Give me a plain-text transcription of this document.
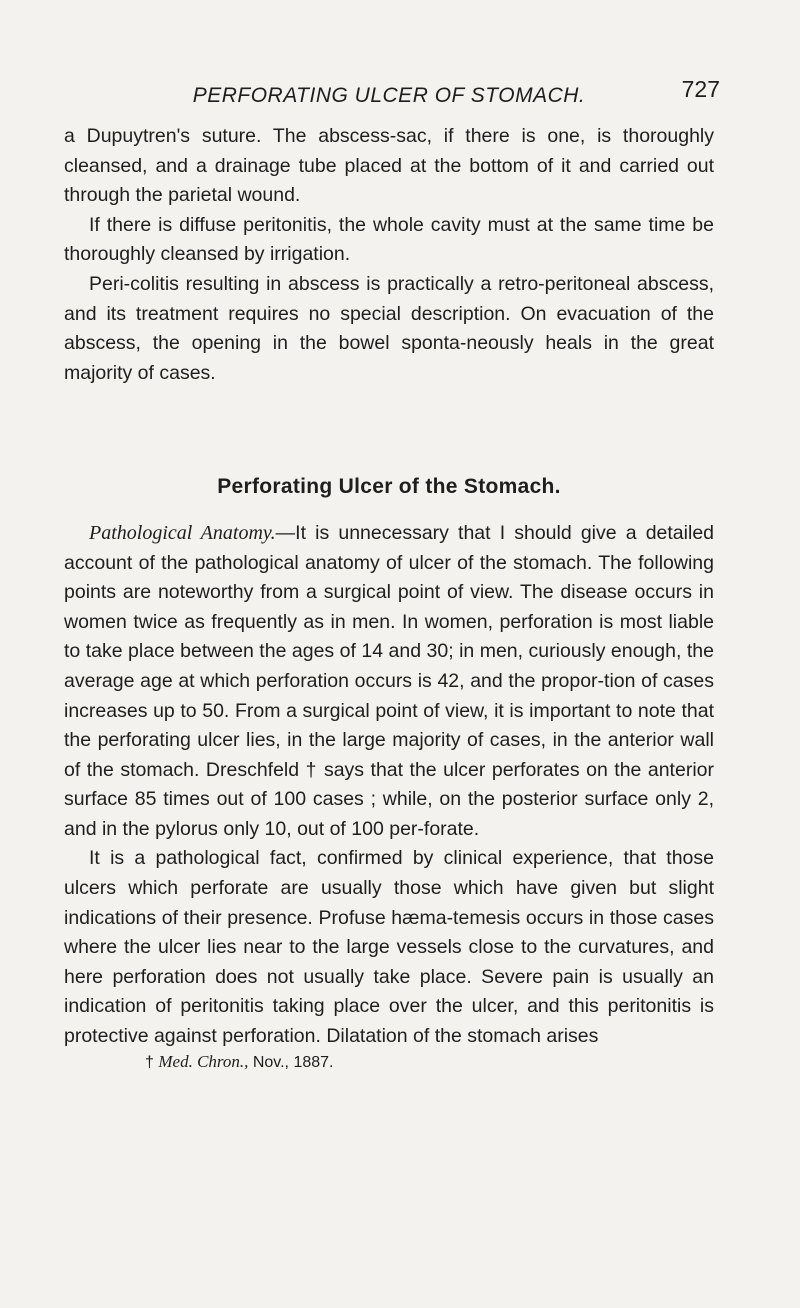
PERFORATING ULCER OF STOMACH.	727

a Dupuytren's suture. The abscess-sac, if there is one, is thoroughly cleansed, and a drainage tube placed at the bottom of it and carried out through the parietal wound.

If there is diffuse peritonitis, the whole cavity must at the same time be thoroughly cleansed by irrigation.

Peri-colitis resulting in abscess is practically a retro-peritoneal abscess, and its treatment requires no special description. On evacuation of the abscess, the opening in the bowel sponta-neously heals in the great majority of cases.

Perforating Ulcer of the Stomach.

Pathological Anatomy.—It is unnecessary that I should give a detailed account of the pathological anatomy of ulcer of the stomach. The following points are noteworthy from a surgical point of view. The disease occurs in women twice as frequently as in men. In women, perforation is most liable to take place between the ages of 14 and 30; in men, curiously enough, the average age at which perforation occurs is 42, and the propor-tion of cases increases up to 50. From a surgical point of view, it is important to note that the perforating ulcer lies, in the large majority of cases, in the anterior wall of the stomach. Dreschfeld † says that the ulcer perforates on the anterior surface 85 times out of 100 cases ; while, on the posterior surface only 2, and in the pylorus only 10, out of 100 per-forate.

It is a pathological fact, confirmed by clinical experience, that those ulcers which perforate are usually those which have given but slight indications of their presence. Profuse hæma-temesis occurs in those cases where the ulcer lies near to the large vessels close to the curvatures, and here perforation does not usually take place. Severe pain is usually an indication of peritonitis taking place over the ulcer, and this peritonitis is protective against perforation. Dilatation of the stomach arises

† Med. Chron., Nov., 1887.
